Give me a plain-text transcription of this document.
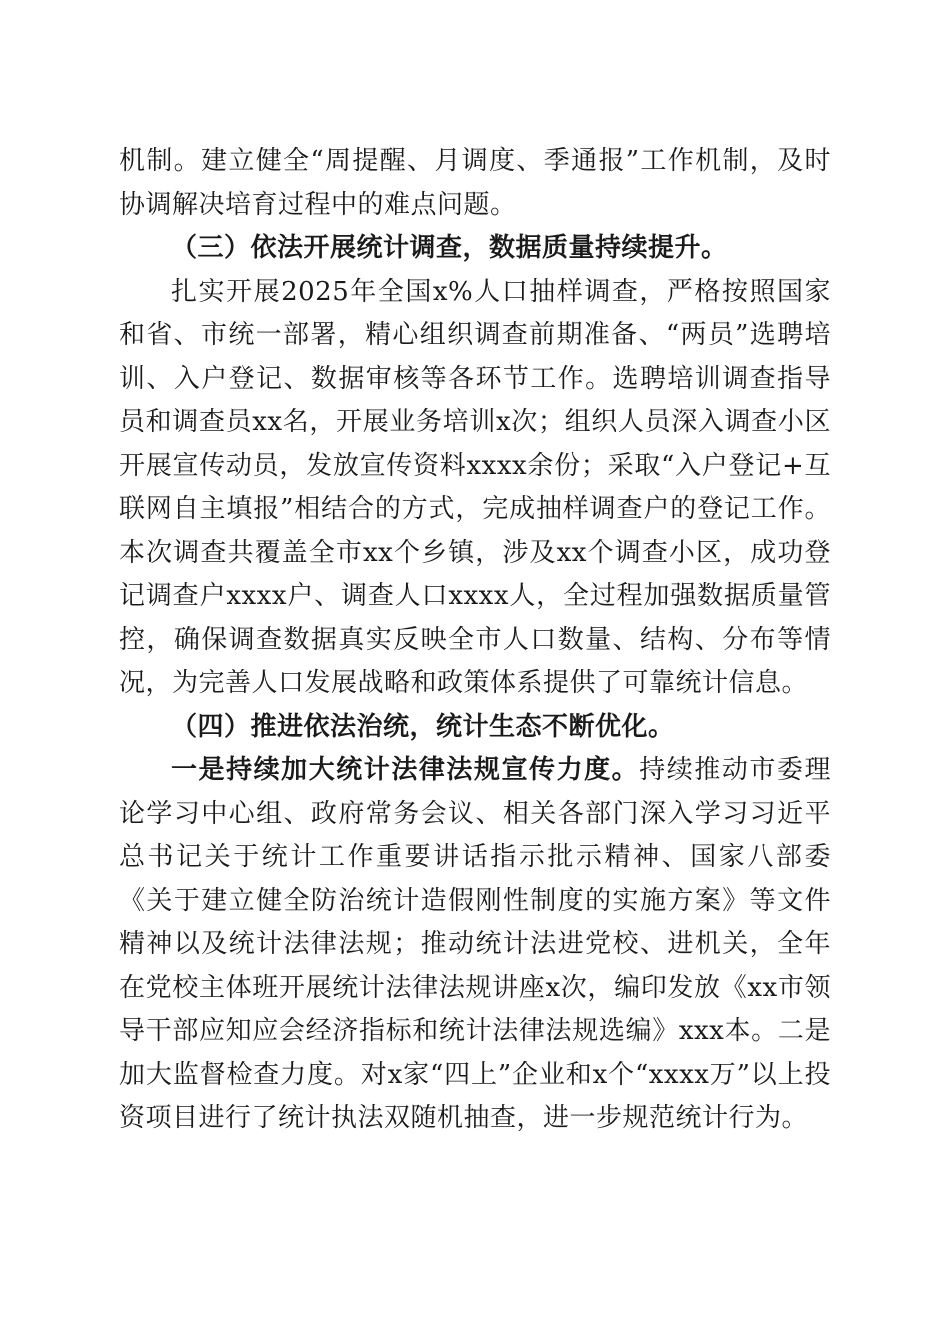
机制。建立健全“周提醒、月调度、季通报”工作机制，及时协调解决培育过程中的难点问题。

（三）依法开展统计调查，数据质量持续提升。

扎实开展2025年全国x%人口抽样调查，严格按照国家和省、市统一部署，精心组织调查前期准备、“两员”选聘培训、入户登记、数据审核等各环节工作。选聘培训调查指导员和调查员xx名，开展业务培训x次；组织人员深入调查小区开展宣传动员，发放宣传资料xxxx余份；采取“入户登记+互联网自主填报”相结合的方式，完成抽样调查户的登记工作。本次调查共覆盖全市xx个乡镇，涉及xx个调查小区，成功登记调查户xxxx户、调查人口xxxx人，全过程加强数据质量管控，确保调查数据真实反映全市人口数量、结构、分布等情况，为完善人口发展战略和政策体系提供了可靠统计信息。

（四）推进依法治统，统计生态不断优化。

一是持续加大统计法律法规宣传力度。持续推动市委理论学习中心组、政府常务会议、相关各部门深入学习习近平总书记关于统计工作重要讲话指示批示精神、国家八部委《关于建立健全防治统计造假刚性制度的实施方案》等文件精神以及统计法律法规；推动统计法进党校、进机关，全年在党校主体班开展统计法律法规讲座x次，编印发放《xx市领导干部应知应会经济指标和统计法律法规选编》xxx本。二是加大监督检查力度。对x家“四上”企业和x个“xxxx万”以上投资项目进行了统计执法双随机抽查，进一步规范统计行为。
